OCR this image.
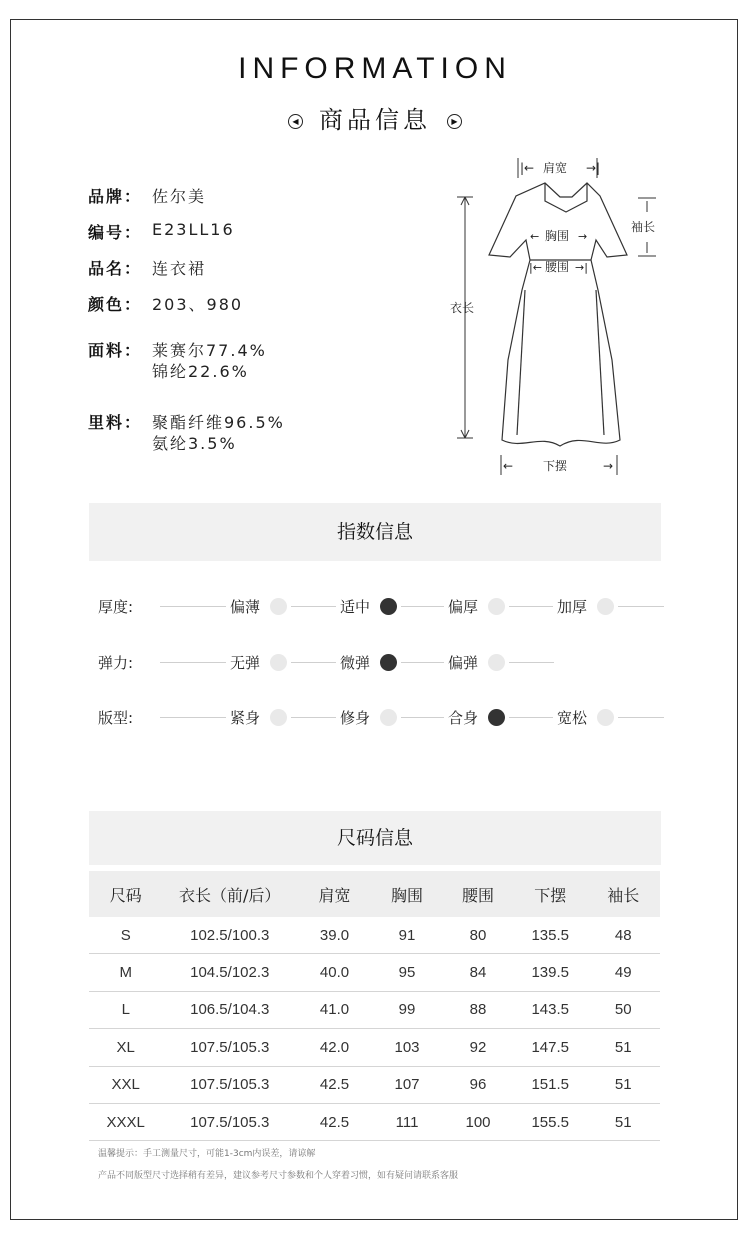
INFORMATION
◀ 商品信息	▶
品牌： 佐尔美
编号： E23LL16
品名： 连衣裙
颜色： 203、980
面料： 莱赛尔77.4%
锦纶22.6%
里料： 聚酯纤维96.5%
氨纶3.5%
|←	→|
肩宽
袖长
← 胸围 →
|← 腰围 →|
衣长
← 下摆	→
指数信息
厚度:	偏薄	适中	偏厚	加厚
弹力:	无弹	微弹	偏弹
版型:	紧身	修身	合身	宽松
尺码信息
尺码	衣长（前/后）	肩宽	胸围	腰围	下摆	袖长
S	102.5/100.3	39.0	91	80	135.5	48
M	104.5/102.3	40.0	95	84	139.5	49
L	106.5/104.3	41.0	99	88	143.5	50
XL	107.5/105.3	42.0	103	92	147.5	51
XXL	107.5/105.3	42.5	107	96	151.5	51
XXXL	107.5/105.3	42.5	111	100	155.5	51
温馨提示：手工测量尺寸，可能1-3cm内误差，请谅解
产品不同版型尺寸选择稍有差异，建议参考尺寸参数和个人穿着习惯，如有疑问请联系客服
